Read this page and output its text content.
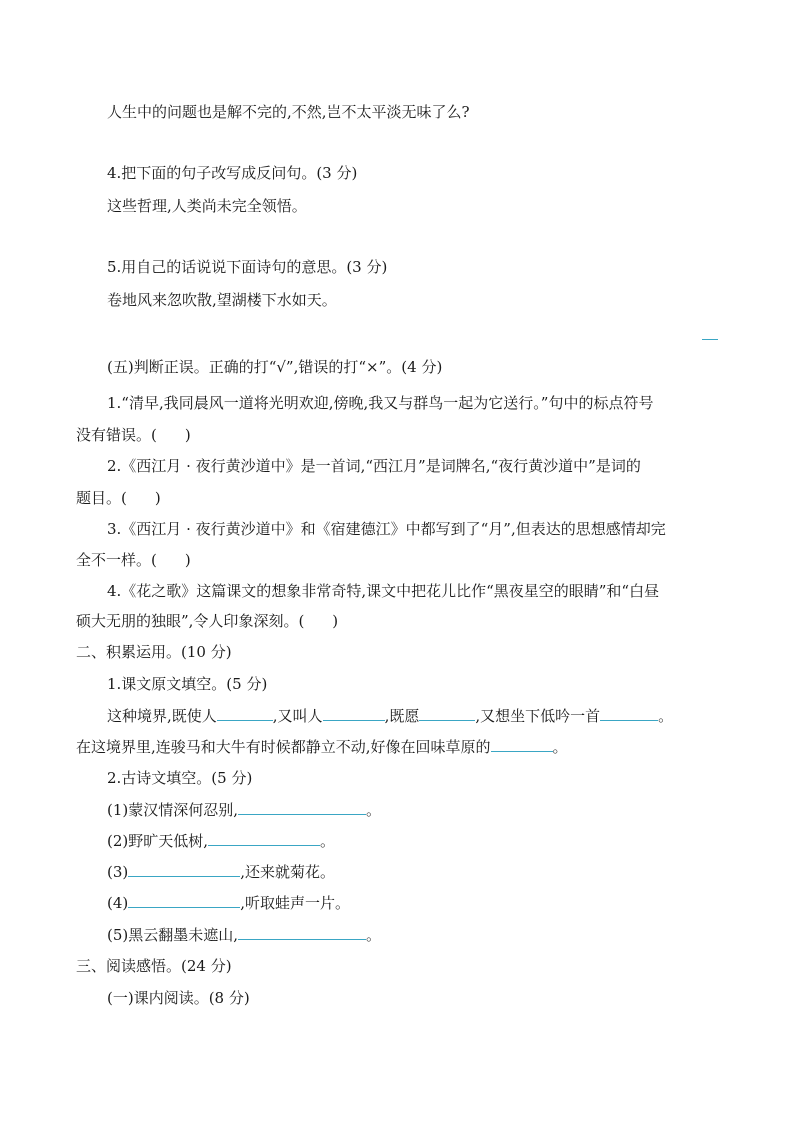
人生中的问题也是解不完的,不然,岂不太平淡无味了么?
4.把下面的句子改写成反问句。(3 分)
这些哲理,人类尚未完全领悟。
5.用自己的话说说下面诗句的意思。(3 分)
卷地风来忽吹散,望湖楼下水如天。
(五)判断正误。正确的打“√”,错误的打“×”。(4 分)
1.“清早,我同晨风一道将光明欢迎,傍晚,我又与群鸟一起为它送行。”句中的标点符号
没有错误。( )
2.《西江月 · 夜行黄沙道中》是一首词,“西江月”是词牌名,“夜行黄沙道中”是词的
题目。( )
3.《西江月 · 夜行黄沙道中》和《宿建德江》中都写到了“月”,但表达的思想感情却完
全不一样。( )
4.《花之歌》这篇课文的想象非常奇特,课文中把花儿比作“黑夜星空的眼睛”和“白昼
硕大无朋的独眼”,令人印象深刻。( )
二、积累运用。(10 分)
1.课文原文填空。(5 分)
这种境界,既使人	,又叫人	,既愿	,又想坐下低吟一首	。
在这境界里,连骏马和大牛有时候都静立不动,好像在回味草原的	。
2.古诗文填空。(5 分)
(1)蒙汉情深何忍别,	。
(2)野旷天低树,	。
(3)	,还来就菊花。
(4)	,听取蛙声一片。
(5)黑云翻墨未遮山,	。
三、阅读感悟。(24 分)
(一)课内阅读。(8 分)
